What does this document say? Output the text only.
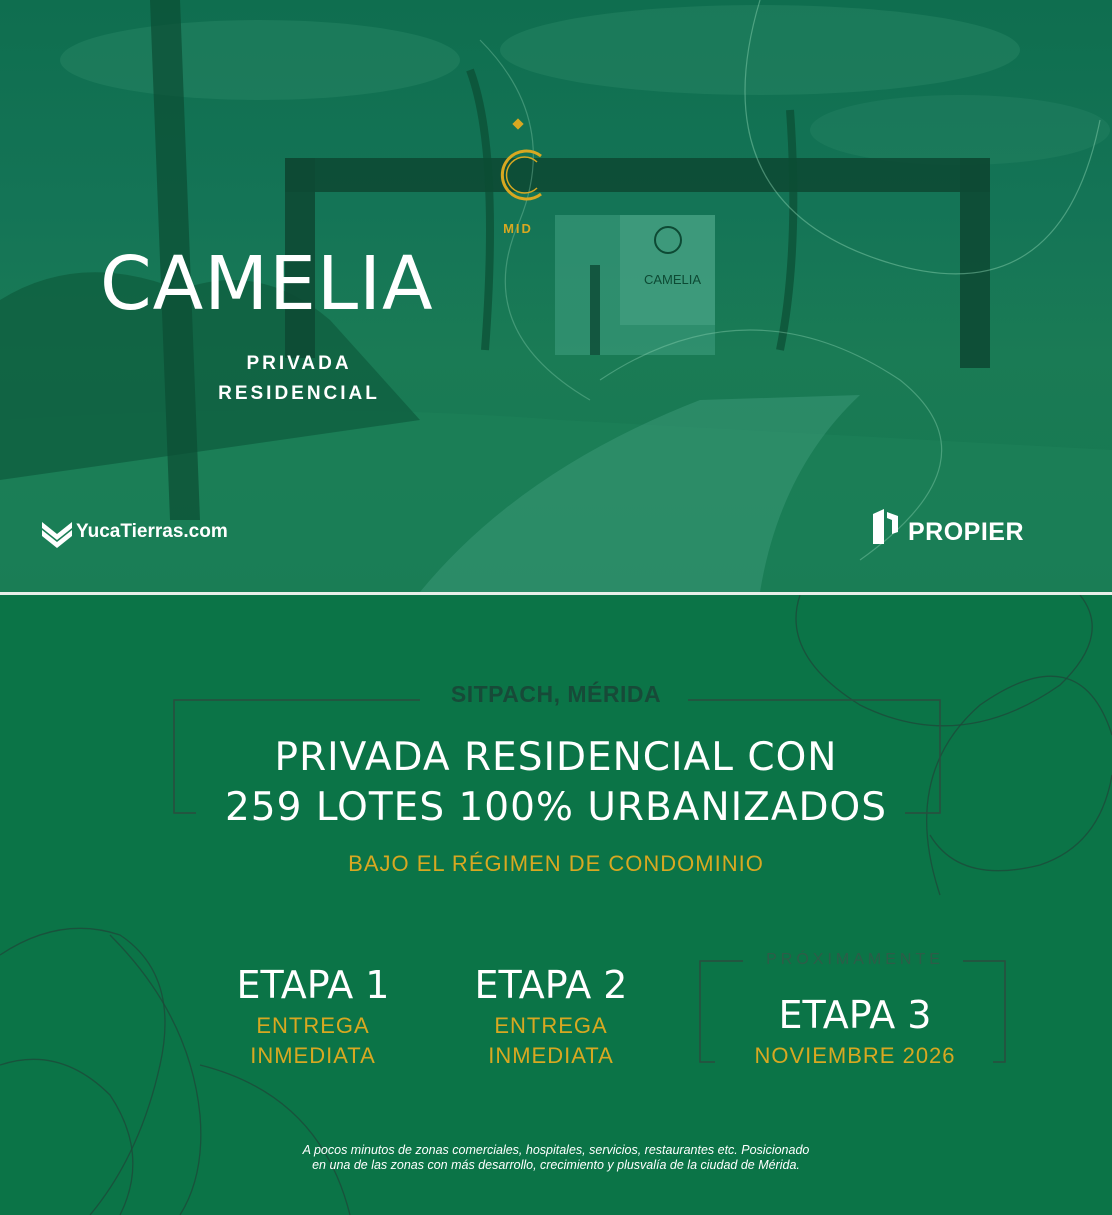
CAMELIA
MID
CAMELIA
PRIVADA
RESIDENCIAL
YucaTierras.com	PROPIER
SITPACH, MÉRIDA
PRIVADA RESIDENCIAL CON
259 LOTES 100% URBANIZADOS
BAJO EL RÉGIMEN DE CONDOMINIO
ETAPA 1
ENTREGA
INMEDIATA
ETAPA 2
ENTREGA
INMEDIATA
PRÓXIMAMENTE
ETAPA 3
NOVIEMBRE 2026
A pocos minutos de zonas comerciales, hospitales, servicios, restaurantes etc. Posicionado
en una de las zonas con más desarrollo, crecimiento y plusvalía de la ciudad de Mérida.
